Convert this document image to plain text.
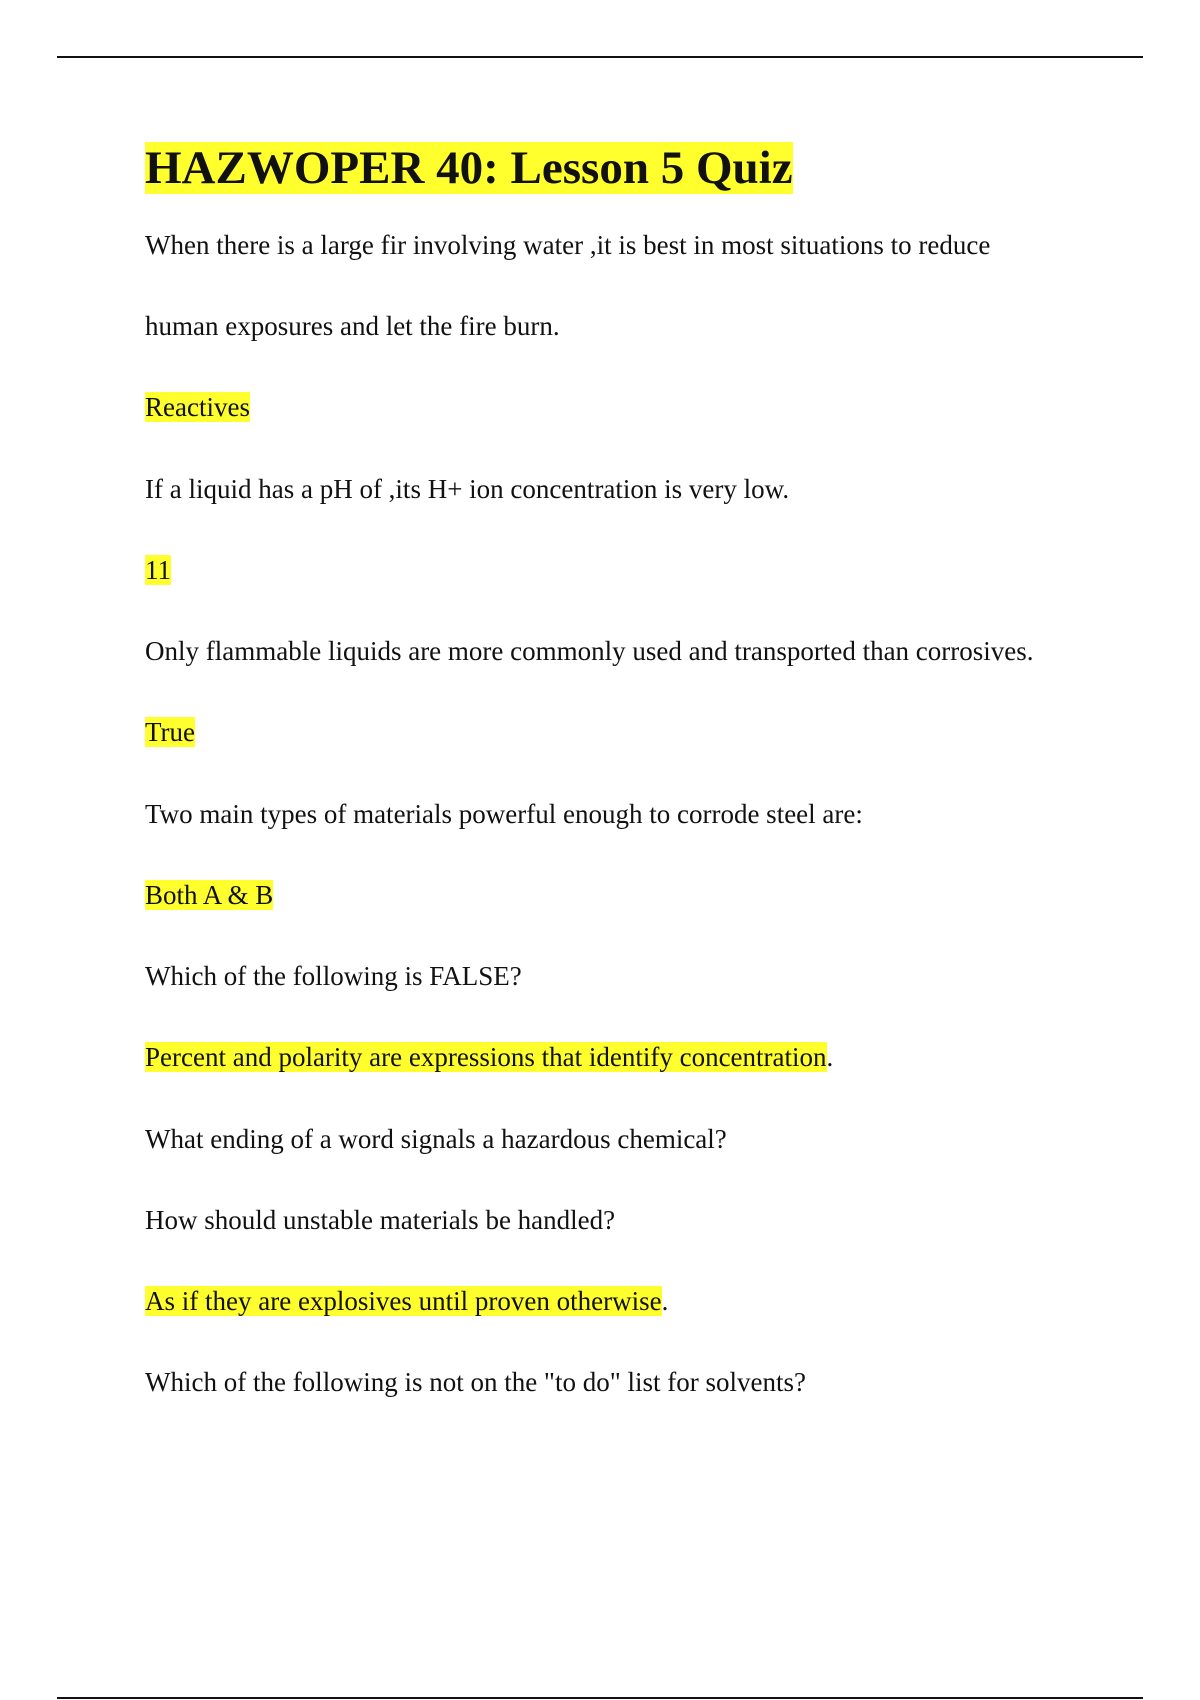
HAZWOPER 40: Lesson 5 Quiz
When there is a large fir involving water ,it is best in most situations to reduce
human exposures and let the fire burn.
Reactives
If a liquid has a pH of ,its H+ ion concentration is very low.
11
Only flammable liquids are more commonly used and transported than corrosives.
True
Two main types of materials powerful enough to corrode steel are:
Both A & B
Which of the following is FALSE?
Percent and polarity are expressions that identify concentration.
What ending of a word signals a hazardous chemical?
How should unstable materials be handled?
As if they are explosives until proven otherwise.
Which of the following is not on the "to do" list for solvents?
